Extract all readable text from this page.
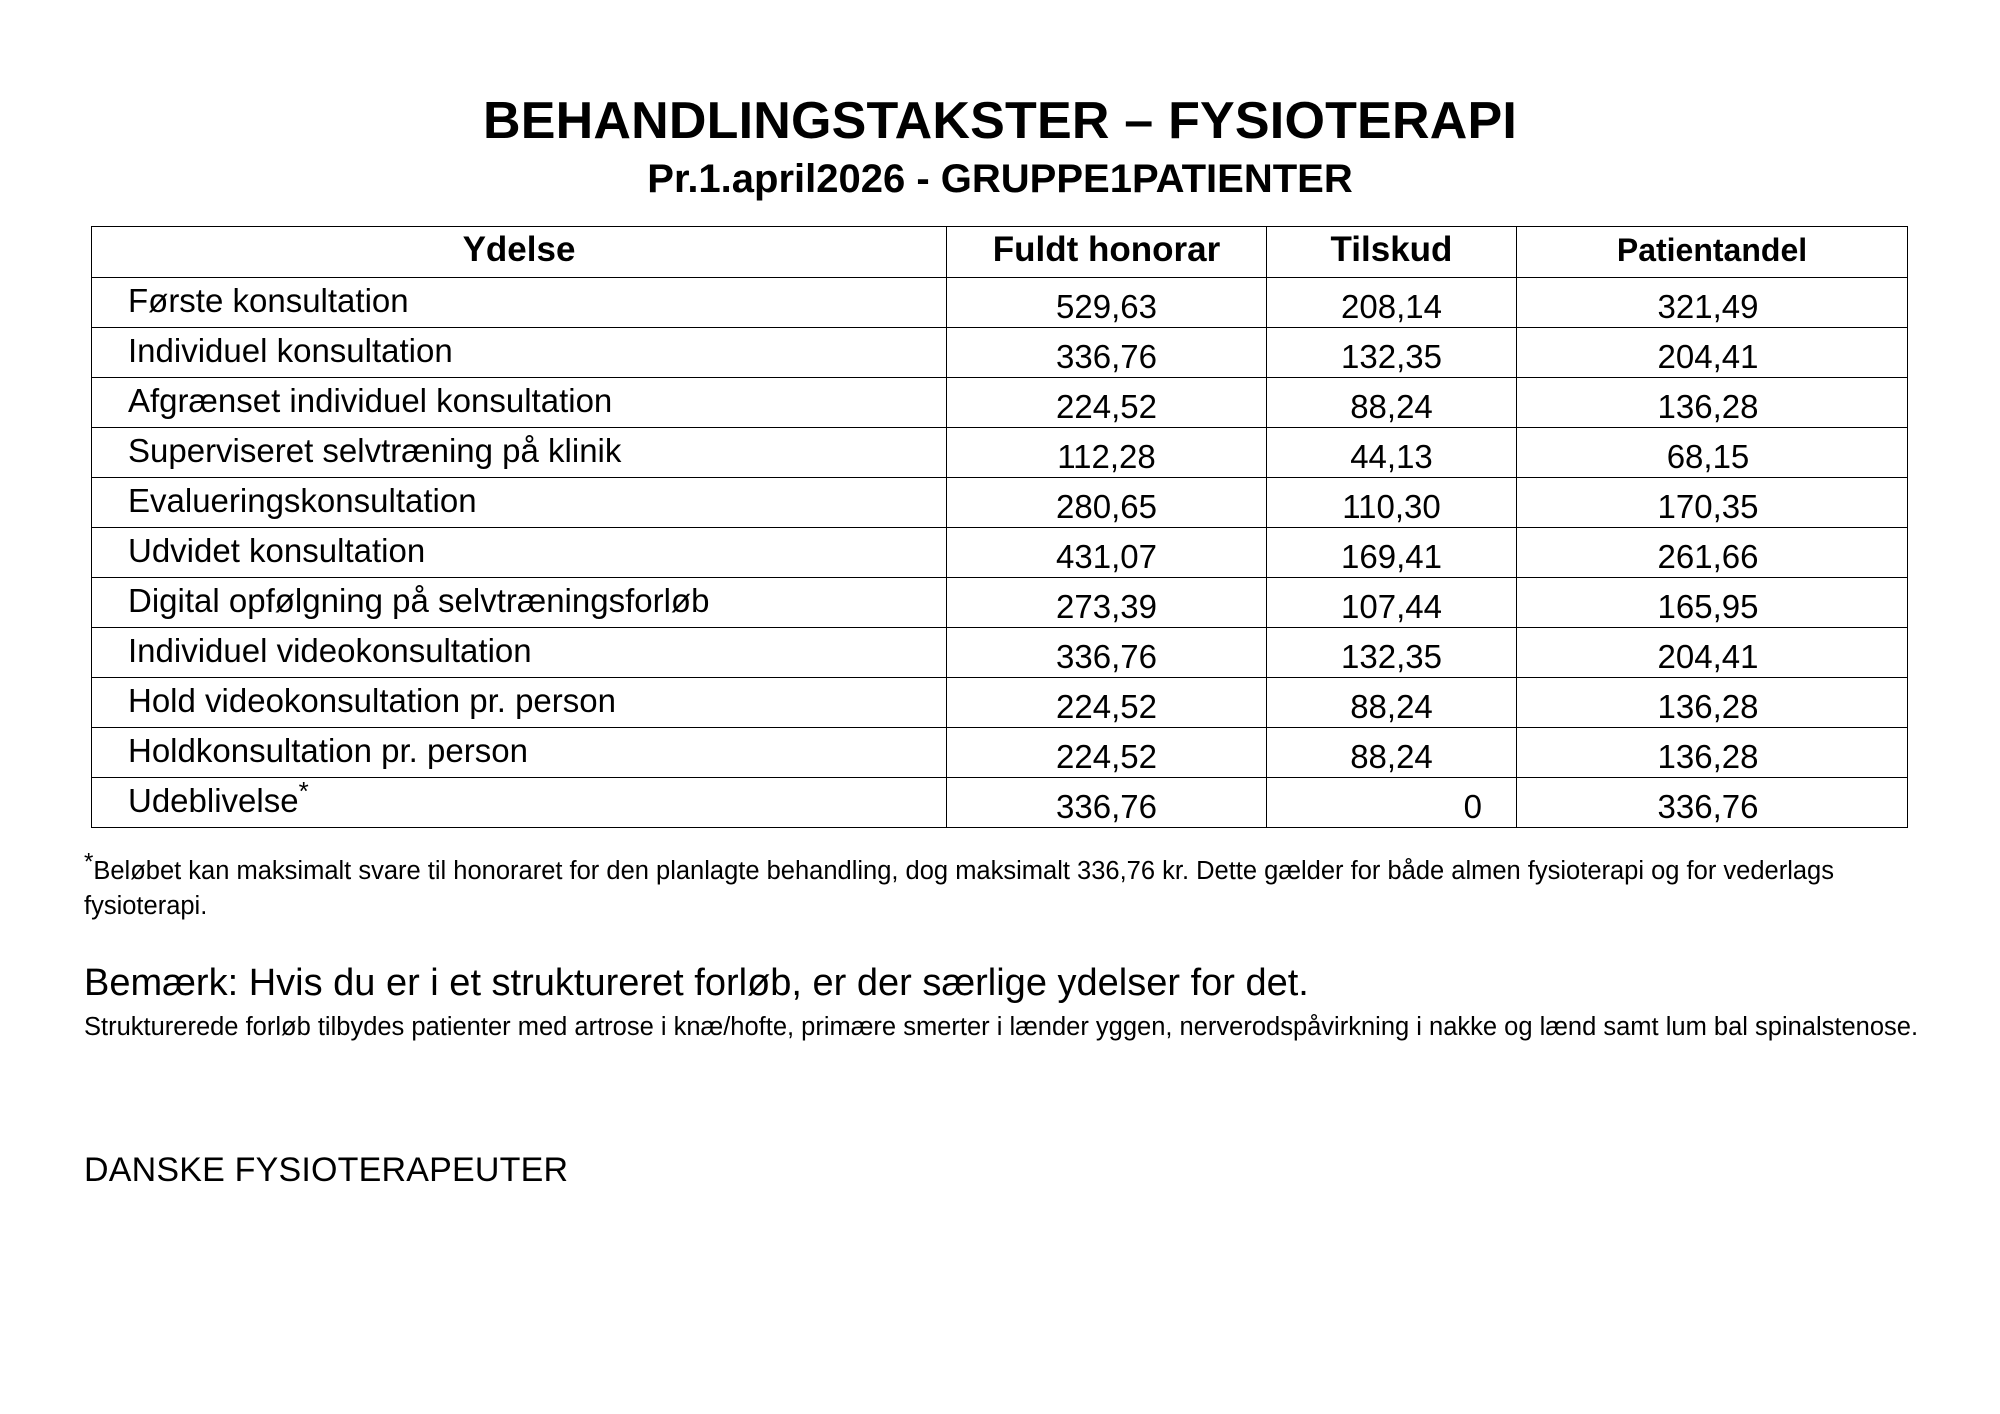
BEHANDLINGSTAKSTER – FYSIOTERAPI
Pr.1.april2026 - GRUPPE1PATIENTER
Ydelse	Fuldt honorar	Tilskud	Patientandel
Første konsultation	529,63	208,14	321,49
Individuel konsultation	336,76	132,35	204,41
Afgrænset individuel konsultation	224,52	88,24	136,28
Superviseret selvtræning på klinik	112,28	44,13	68,15
Evalueringskonsultation	280,65	110,30	170,35
Udvidet konsultation	431,07	169,41	261,66
Digital opfølgning på selvtræningsforløb	273,39	107,44	165,95
Individuel videokonsultation	336,76	132,35	204,41
Hold videokonsultation pr. person	224,52	88,24	136,28
Holdkonsultation pr. person	224,52	88,24	136,28
Udeblivelse*	336,76	0	336,76
*Beløbet kan maksimalt svare til honoraret for den planlagte behandling, dog maksimalt 336,76 kr. Dette gælder for både almen fysioterapi og for vederlags fysioterapi.
Bemærk: Hvis du er i et struktureret forløb, er der særlige ydelser for det.
Strukturerede forløb tilbydes patienter med artrose i knæ/hofte, primære smerter i lænder yggen, nerverodspåvirkning i nakke og lænd samt lum bal spinalstenose.
DANSKE FYSIOTERAPEUTER
